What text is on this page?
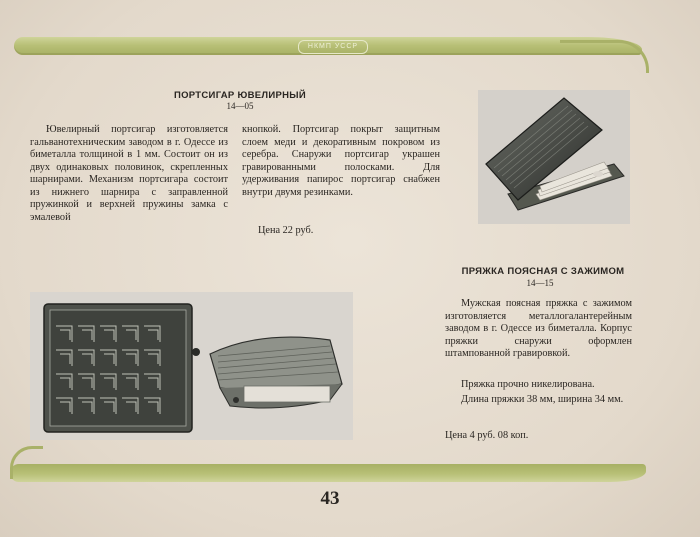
НКМП УССР
ПОРТСИГАР ЮВЕЛИРНЫЙ
14—05

Ювелирный портсигар изготовляется гальванотехническим заводом в г. Одессе из биметалла толщиной в 1 мм. Состоит он из двух одинаковых половинок, скрепленных шарнирами. Механизм портсигара состоит из нижнего шарнира с заправленной пружинкой и верхней пружины замка с эмалевой

кнопкой. Портсигар покрыт защитным слоем меди и декоративным покровом из серебра. Снаружи портсигар украшен гравированными полосками. Для удерживания папирос портсигар снабжен внутри двумя резинками.

Цена 22 руб.
ПРЯЖКА ПОЯСНАЯ С ЗАЖИМОМ
14—15

Мужская поясная пряжка с зажимом изготовляется металлогалантерейным заводом в г. Одессе из биметалла. Корпус пряжки снаружи оформлен штампованной гравировкой.

Пряжка прочно никелирована.

Длина пряжки 38 мм, ширина 34 мм.

Цена 4 руб. 08 коп.
43
